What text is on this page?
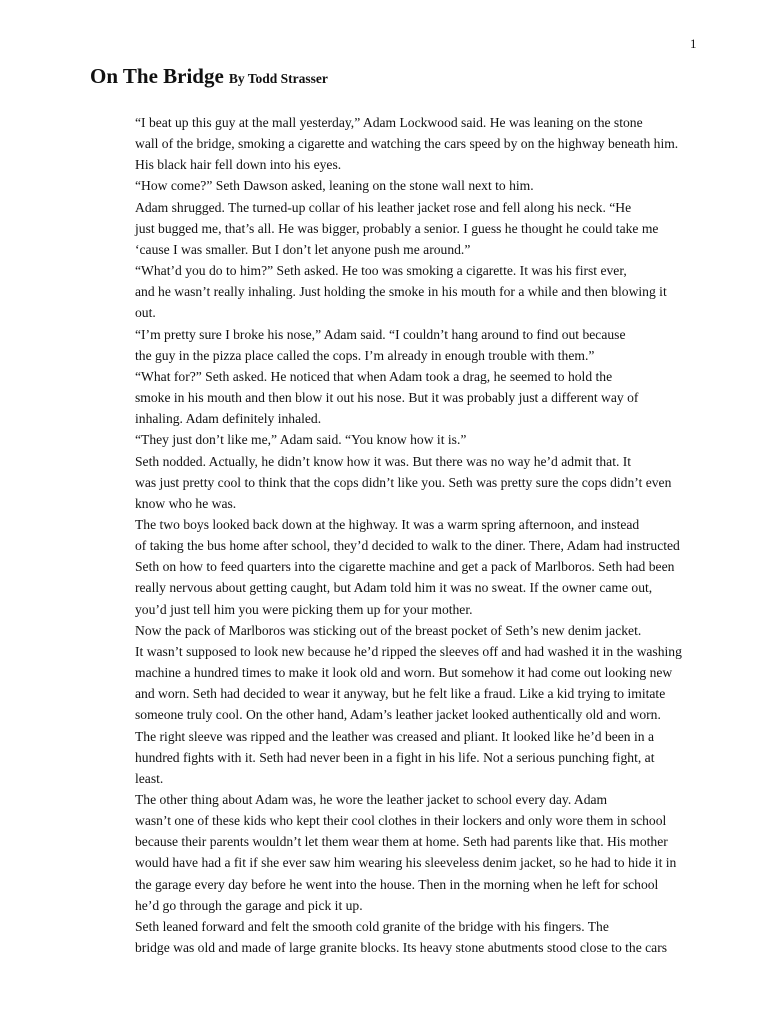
1
On The Bridge By Todd Strasser

“I beat up this guy at the mall yesterday,” Adam Lockwood said. He was leaning on the stone
wall of the bridge, smoking a cigarette and watching the cars speed by on the highway beneath him.
His black hair fell down into his eyes.

“How come?” Seth Dawson asked, leaning on the stone wall next to him.

Adam shrugged. The turned-up collar of his leather jacket rose and fell along his neck. “He
just bugged me, that’s all. He was bigger, probably a senior. I guess he thought he could take me
‘cause I was smaller. But I don’t let anyone push me around.”

“What’d you do to him?” Seth asked. He too was smoking a cigarette. It was his first ever,
and he wasn’t really inhaling. Just holding the smoke in his mouth for a while and then blowing it
out.

“I’m pretty sure I broke his nose,” Adam said. “I couldn’t hang around to find out because
the guy in the pizza place called the cops. I’m already in enough trouble with them.”

“What for?” Seth asked. He noticed that when Adam took a drag, he seemed to hold the
smoke in his mouth and then blow it out his nose. But it was probably just a different way of
inhaling. Adam definitely inhaled.

“They just don’t like me,” Adam said. “You know how it is.”

Seth nodded. Actually, he didn’t know how it was. But there was no way he’d admit that. It
was just pretty cool to think that the cops didn’t like you. Seth was pretty sure the cops didn’t even
know who he was.

The two boys looked back down at the highway. It was a warm spring afternoon, and instead
of taking the bus home after school, they’d decided to walk to the diner. There, Adam had instructed
Seth on how to feed quarters into the cigarette machine and get a pack of Marlboros. Seth had been
really nervous about getting caught, but Adam told him it was no sweat. If the owner came out,
you’d just tell him you were picking them up for your mother.

Now the pack of Marlboros was sticking out of the breast pocket of Seth’s new denim jacket.
It wasn’t supposed to look new because he’d ripped the sleeves off and had washed it in the washing
machine a hundred times to make it look old and worn. But somehow it had come out looking new
and worn. Seth had decided to wear it anyway, but he felt like a fraud. Like a kid trying to imitate
someone truly cool. On the other hand, Adam’s leather jacket looked authentically old and worn.
The right sleeve was ripped and the leather was creased and pliant. It looked like he’d been in a
hundred fights with it. Seth had never been in a fight in his life. Not a serious punching fight, at
least.

The other thing about Adam was, he wore the leather jacket to school every day. Adam
wasn’t one of these kids who kept their cool clothes in their lockers and only wore them in school
because their parents wouldn’t let them wear them at home. Seth had parents like that. His mother
would have had a fit if she ever saw him wearing his sleeveless denim jacket, so he had to hide it in
the garage every day before he went into the house. Then in the morning when he left for school
he’d go through the garage and pick it up.

Seth leaned forward and felt the smooth cold granite of the bridge with his fingers. The
bridge was old and made of large granite blocks. Its heavy stone abutments stood close to the cars
